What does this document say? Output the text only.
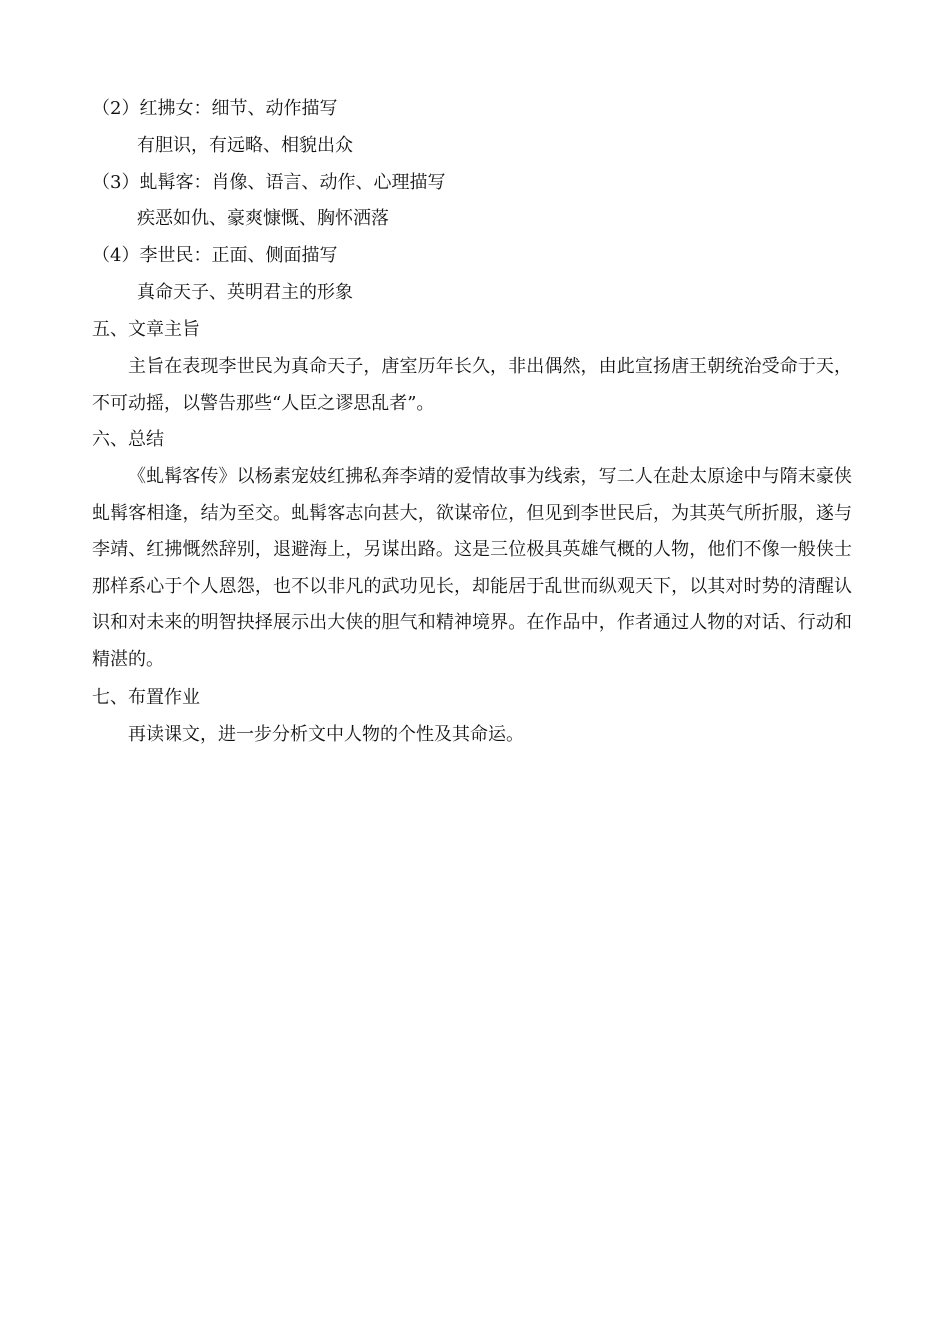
（2）红拂女：细节、动作描写
有胆识，有远略、相貌出众
（3）虬髯客：肖像、语言、动作、心理描写
疾恶如仇、豪爽慷慨、胸怀洒落
（4）李世民：正面、侧面描写
真命天子、英明君主的形象
五、文章主旨

主旨在表现李世民为真命天子，唐室历年长久，非出偶然，由此宣扬唐王朝统治受命于天，不可动摇，以警告那些“人臣之谬思乱者”。

六、总结

《虬髯客传》以杨素宠妓红拂私奔李靖的爱情故事为线索，写二人在赴太原途中与隋末豪侠虬髯客相逢，结为至交。虬髯客志向甚大，欲谋帝位，但见到李世民后，为其英气所折服，遂与李靖、红拂慨然辞别，退避海上，另谋出路。这是三位极具英雄气概的人物，他们不像一般侠士那样系心于个人恩怨，也不以非凡的武功见长，却能居于乱世而纵观天下，以其对时势的清醒认识和对未来的明智抉择展示出大侠的胆气和精神境界。在作品中，作者通过人物的对话、行动和精湛的。

七、布置作业

再读课文，进一步分析文中人物的个性及其命运。
